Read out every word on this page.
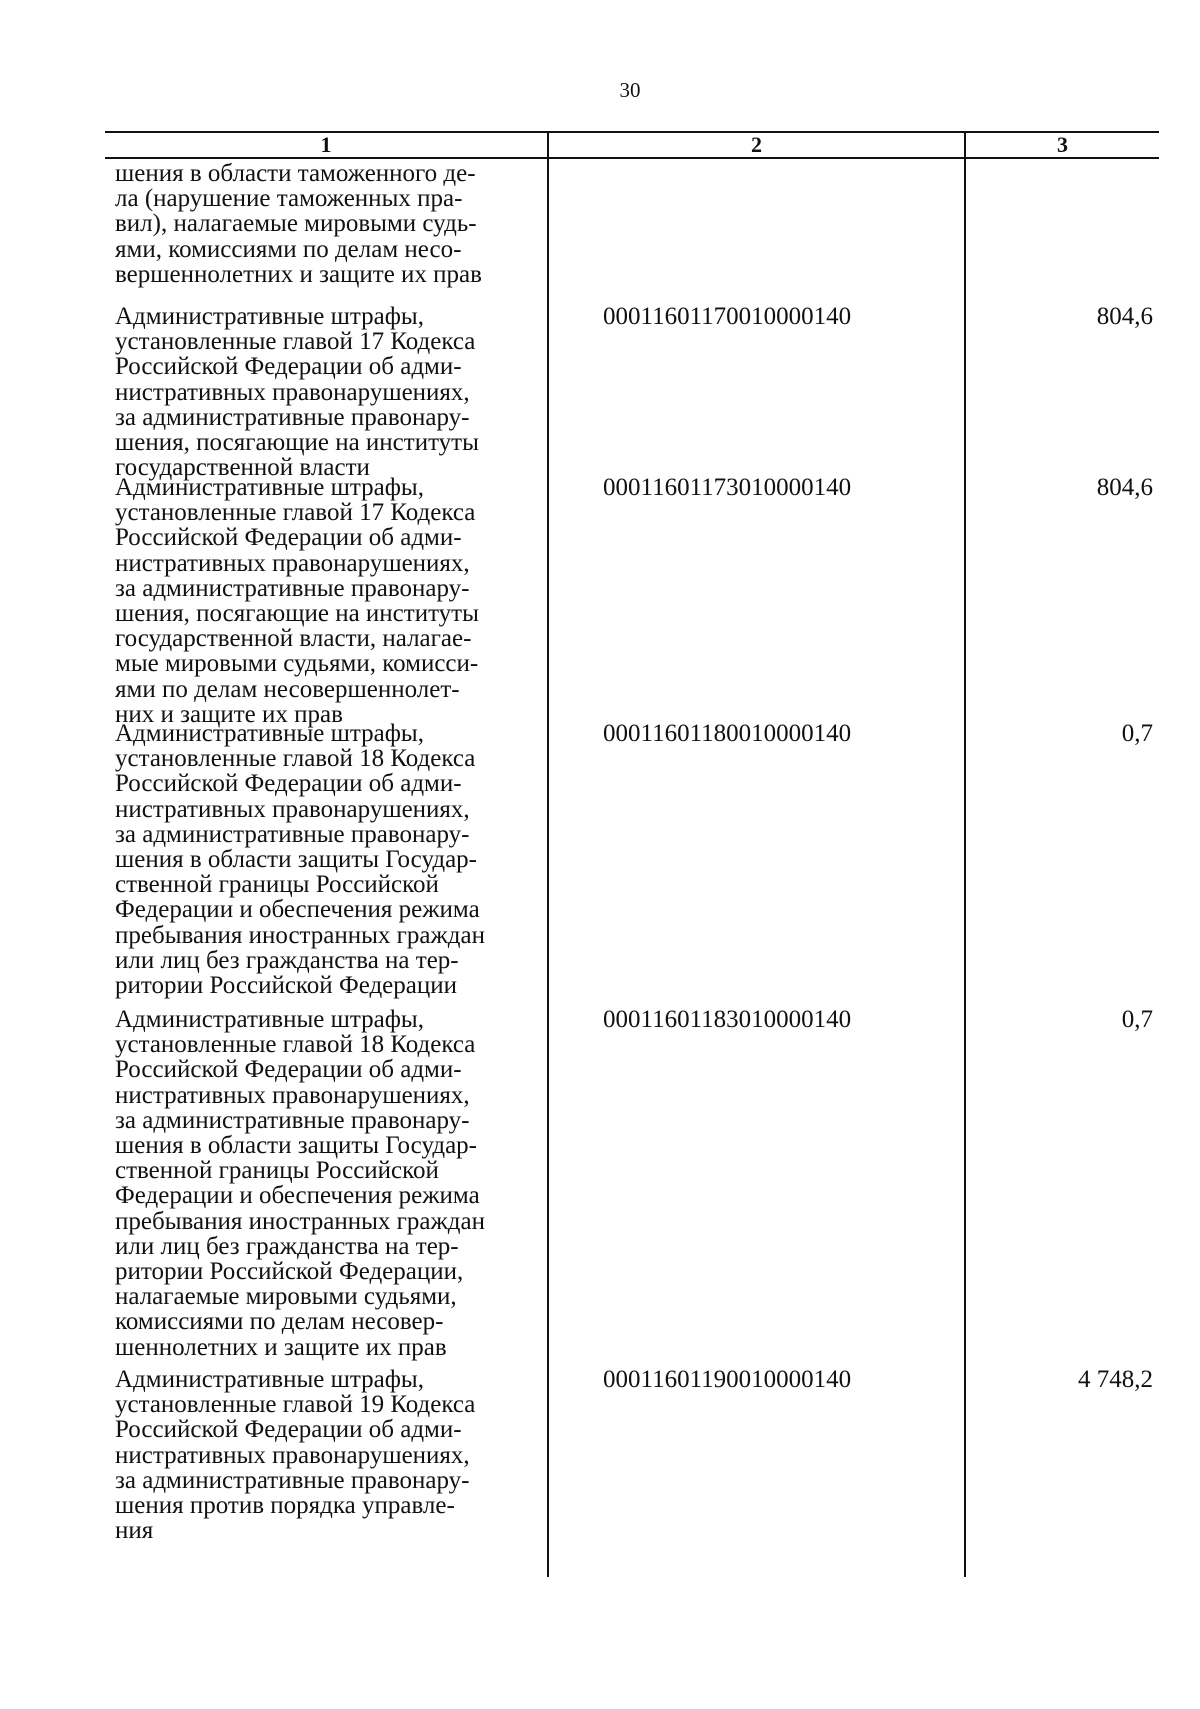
30
1	2	3
шения в области таможенного де-
ла (нарушение таможенных пра-
вил), налагаемые мировыми судь-
ями, комиссиями по делам несо-
вершеннолетних и защите их прав
Административные штрафы,
установленные главой 17 Кодекса
Российской Федерации об адми-
нистративных правонарушениях,
за административные правонару-
шения, посягающие на институты
государственной власти
00011601170010000140	804,6
Административные штрафы,
установленные главой 17 Кодекса
Российской Федерации об адми-
нистративных правонарушениях,
за административные правонару-
шения, посягающие на институты
государственной власти, налагае-
мые мировыми судьями, комисси-
ями по делам несовершеннолет-
них и защите их прав
00011601173010000140	804,6
Административные штрафы,
установленные главой 18 Кодекса
Российской Федерации об адми-
нистративных правонарушениях,
за административные правонару-
шения в области защиты Государ-
ственной границы Российской
Федерации и обеспечения режима
пребывания иностранных граждан
или лиц без гражданства на тер-
ритории Российской Федерации
00011601180010000140	0,7
Административные штрафы,
установленные главой 18 Кодекса
Российской Федерации об адми-
нистративных правонарушениях,
за административные правонару-
шения в области защиты Государ-
ственной границы Российской
Федерации и обеспечения режима
пребывания иностранных граждан
или лиц без гражданства на тер-
ритории Российской Федерации,
налагаемые мировыми судьями,
комиссиями по делам несовер-
шеннолетних и защите их прав
00011601183010000140	0,7
Административные штрафы,
установленные главой 19 Кодекса
Российской Федерации об адми-
нистративных правонарушениях,
за административные правонару-
шения против порядка управле-
ния
00011601190010000140	4 748,2
